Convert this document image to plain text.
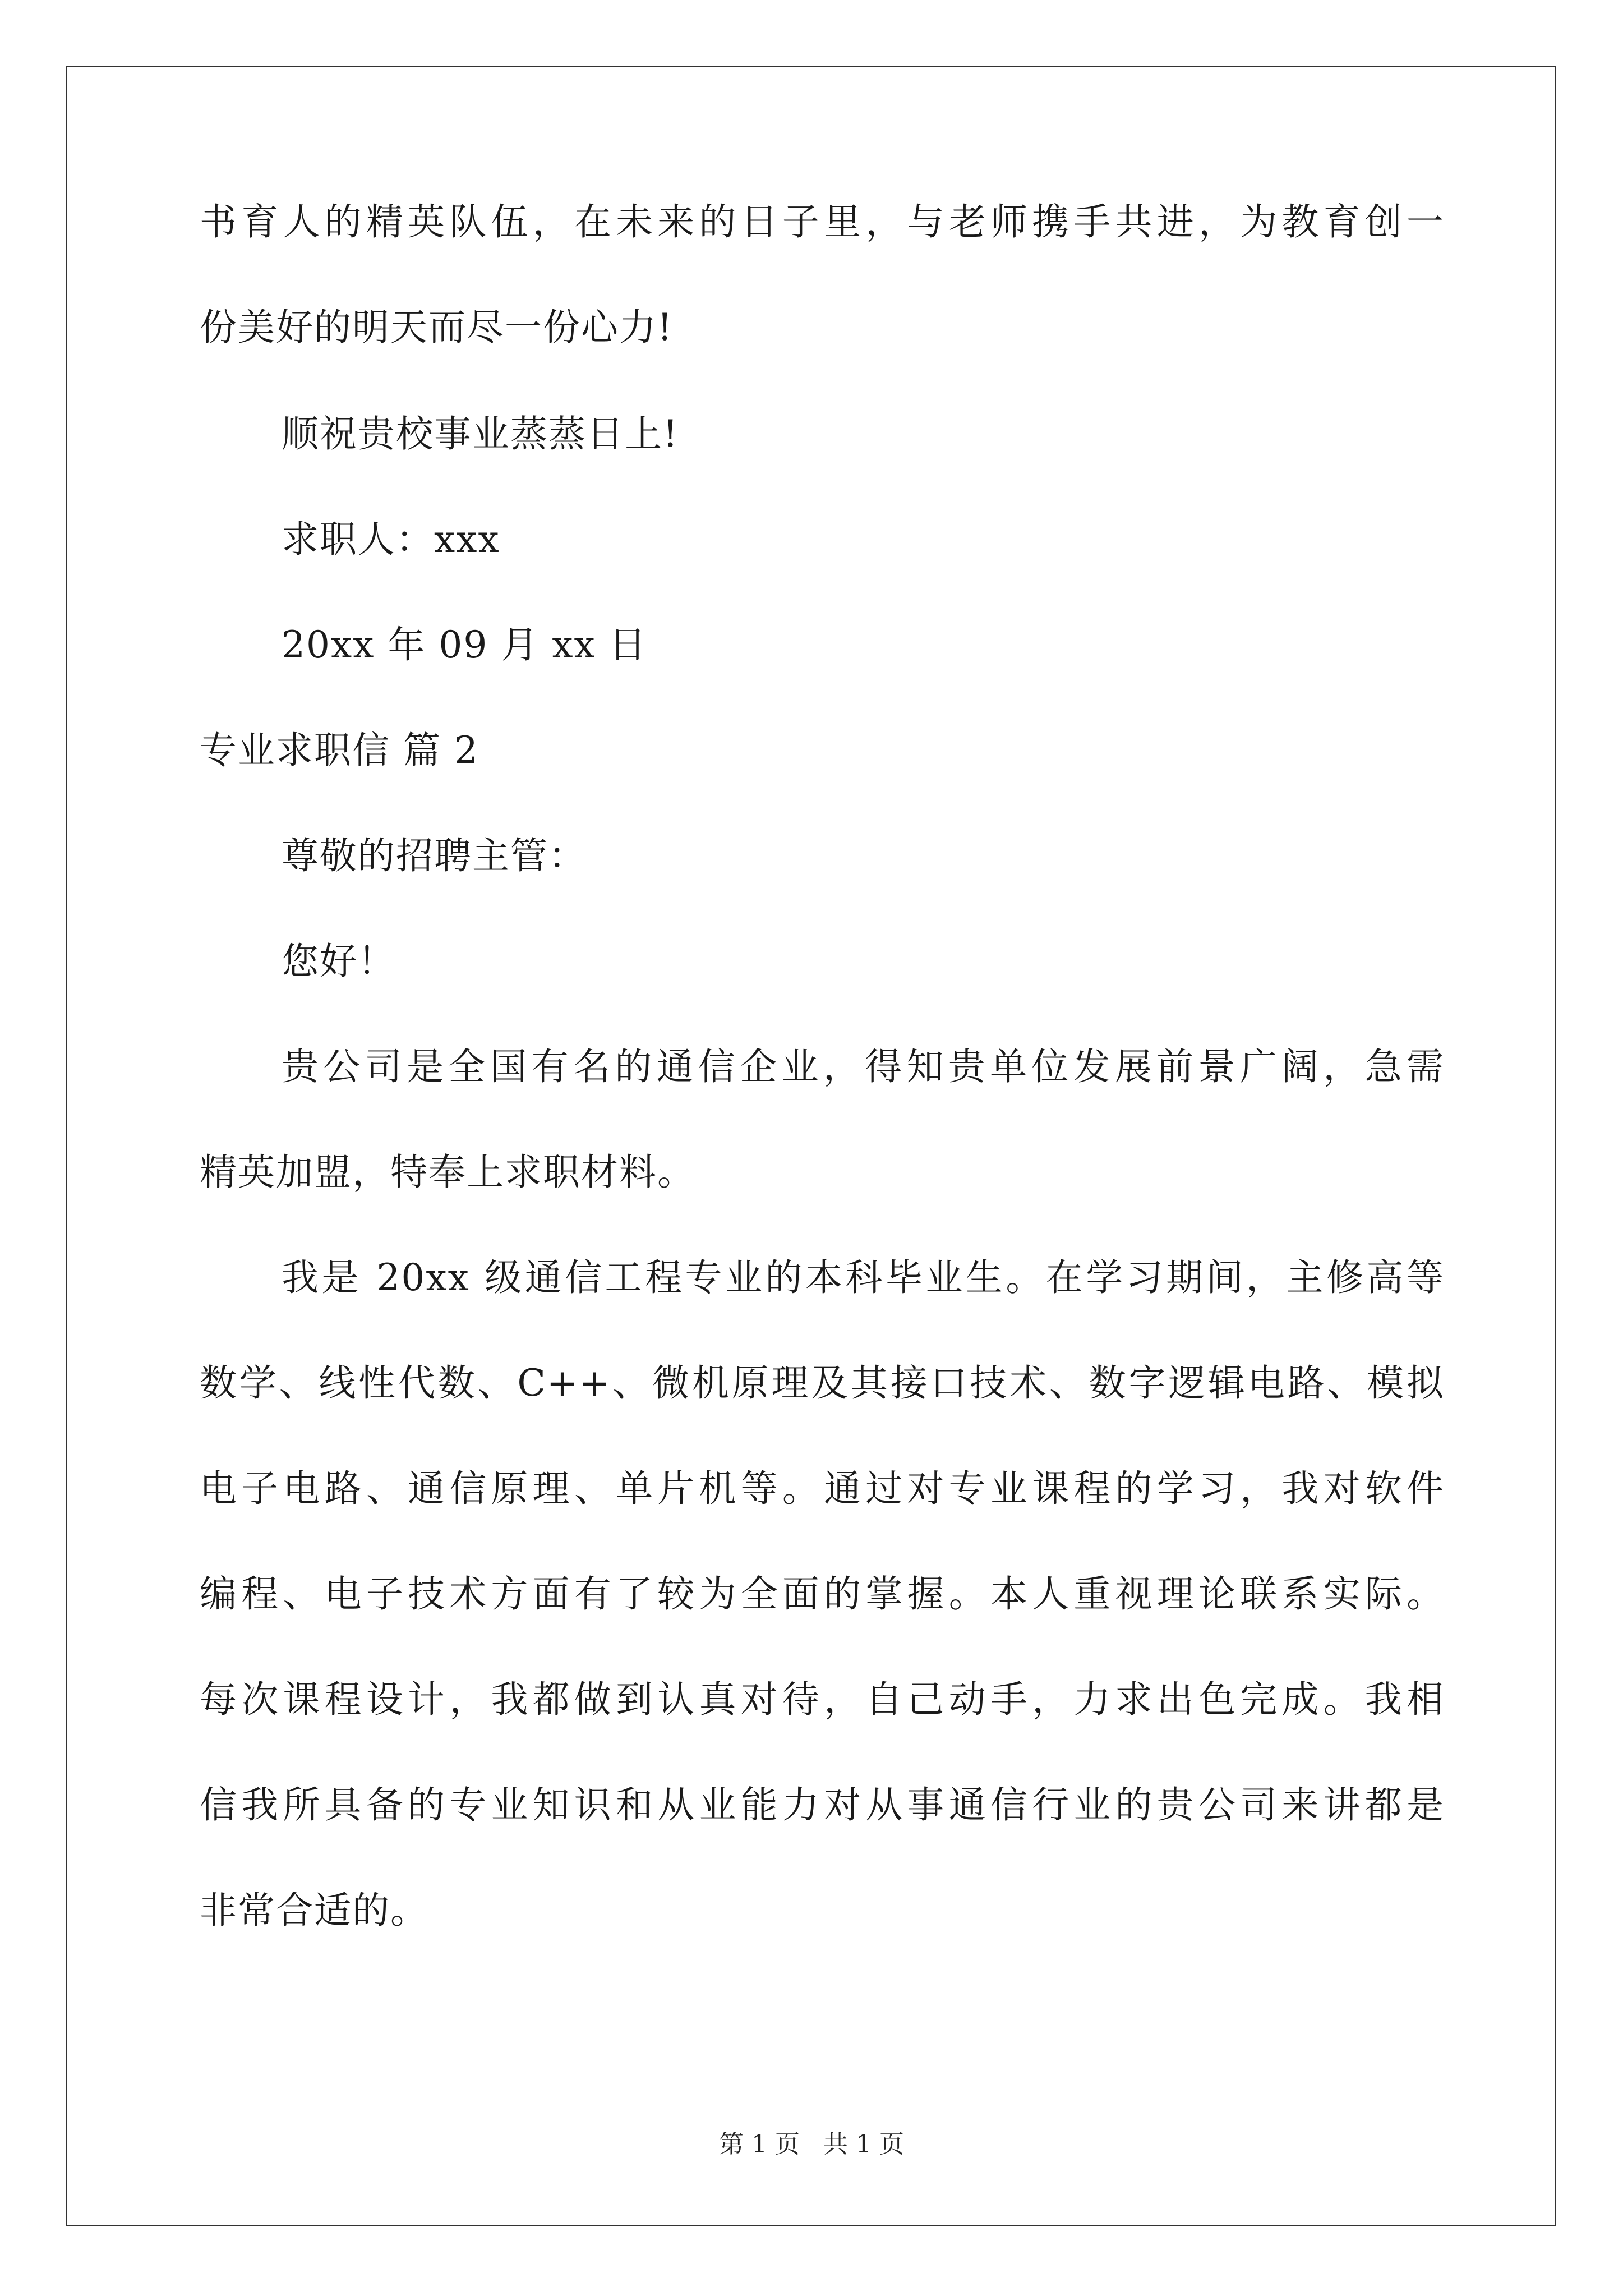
书育人的精英队伍，在未来的日子里，与老师携手共进，为教育创一
份美好的明天而尽一份心力!
顺祝贵校事业蒸蒸日上!
求职人：xxx
20xx 年 09 月 xx 日
专业求职信 篇 2
尊敬的招聘主管：
您好！
贵公司是全国有名的通信企业，得知贵单位发展前景广阔，急需
精英加盟，特奉上求职材料。
我是 20xx 级通信工程专业的本科毕业生。在学习期间，主修高等
数学、线性代数、C++、微机原理及其接口技术、数字逻辑电路、模拟
电子电路、通信原理、单片机等。通过对专业课程的学习，我对软件
编程、电子技术方面有了较为全面的掌握。本人重视理论联系实际。
每次课程设计，我都做到认真对待，自己动手，力求出色完成。我相
信我所具备的专业知识和从业能力对从事通信行业的贵公司来讲都是
非常合适的。
第 1 页 共 1 页
